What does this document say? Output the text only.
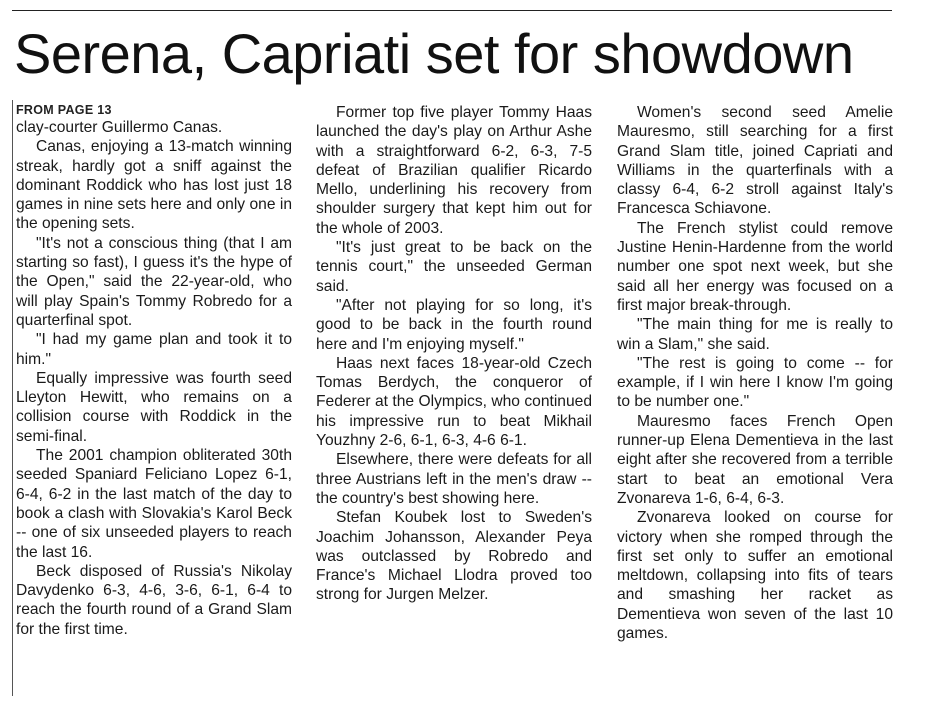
Serena, Capriati set for showdown
FROM PAGE 13

clay-courter Guillermo Canas.

Canas, enjoying a 13-match winning streak, hardly got a sniff against the dominant Roddick who has lost just 18 games in nine sets here and only one in the opening sets.

"It's not a conscious thing (that I am starting so fast), I guess it's the hype of the Open," said the 22-year-old, who will play Spain's Tommy Robredo for a quarterfinal spot.

"I had my game plan and took it to him."

Equally impressive was fourth seed Lleyton Hewitt, who remains on a collision course with Roddick in the semi-final.

The 2001 champion obliterated 30th seeded Spaniard Feliciano Lopez 6-1, 6-4, 6-2 in the last match of the day to book a clash with Slovakia's Karol Beck -- one of six unseeded players to reach the last 16.

Beck disposed of Russia's Nikolay Davydenko 6-3, 4-6, 3-6, 6-1, 6-4 to reach the fourth round of a Grand Slam for the first time.

Former top five player Tommy Haas launched the day's play on Arthur Ashe with a straightforward 6-2, 6-3, 7-5 defeat of Brazilian qualifier Ricardo Mello, underlining his recovery from shoulder surgery that kept him out for the whole of 2003.

"It's just great to be back on the tennis court," the unseeded German said.

"After not playing for so long, it's good to be back in the fourth round here and I'm enjoying myself."

Haas next faces 18-year-old Czech Tomas Berdych, the conqueror of Federer at the Olympics, who continued his impressive run to beat Mikhail Youzhny 2-6, 6-1, 6-3, 4-6 6-1.

Elsewhere, there were defeats for all three Austrians left in the men's draw -- the country's best showing here.

Stefan Koubek lost to Sweden's Joachim Johansson, Alexander Peya was outclassed by Robredo and France's Michael Llodra proved too strong for Jurgen Melzer.

Women's second seed Amelie Mauresmo, still searching for a first Grand Slam title, joined Capriati and Williams in the quarterfinals with a classy 6-4, 6-2 stroll against Italy's Francesca Schiavone.

The French stylist could remove Justine Henin-Hardenne from the world number one spot next week, but she said all her energy was focused on a first major break-through.

"The main thing for me is really to win a Slam," she said.

"The rest is going to come -- for example, if I win here I know I'm going to be number one."

Mauresmo faces French Open runner-up Elena Dementieva in the last eight after she recovered from a terrible start to beat an emotional Vera Zvonareva 1-6, 6-4, 6-3.

Zvonareva looked on course for victory when she romped through the first set only to suffer an emotional meltdown, collapsing into fits of tears and smashing her racket as Dementieva won seven of the last 10 games.
